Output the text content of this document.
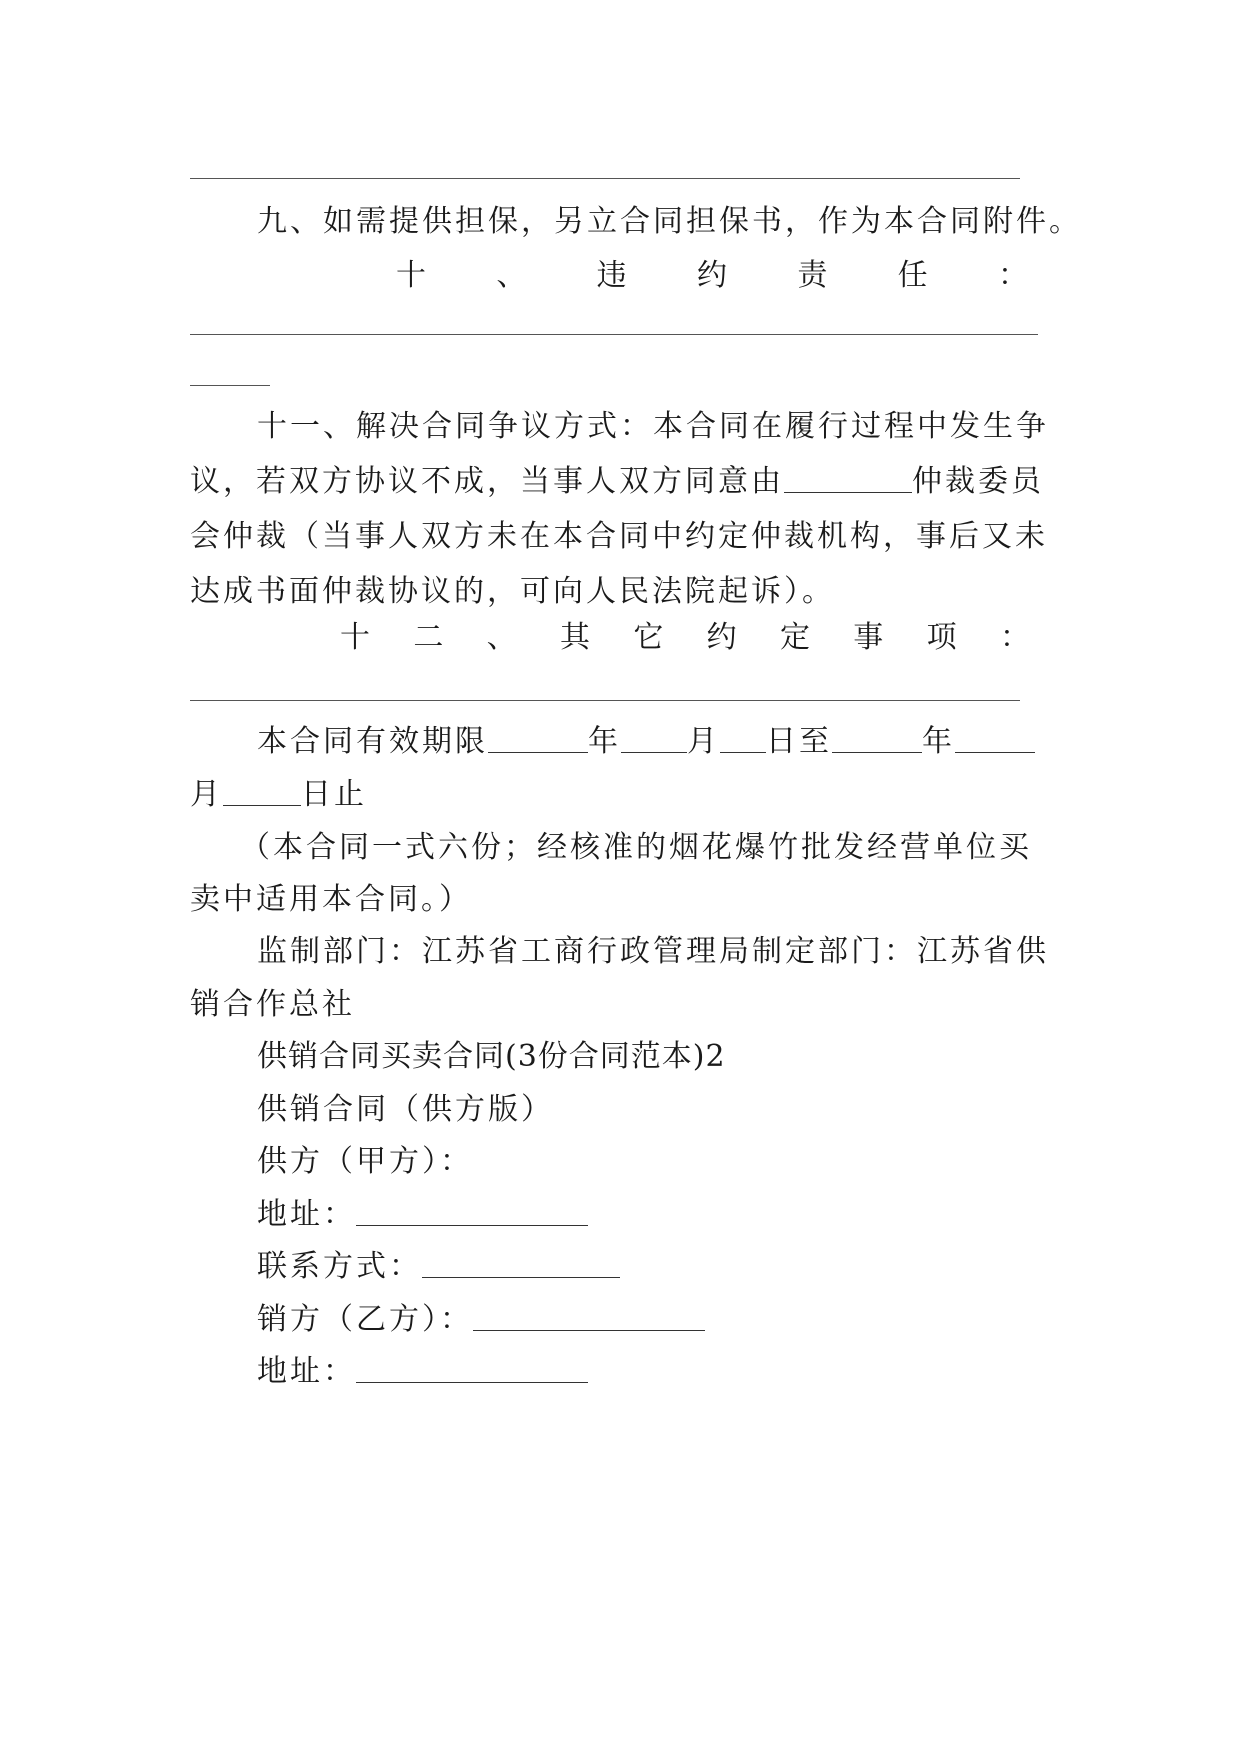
九、如需提供担保，另立合同担保书，作为本合同附件。
十 、 违 约 责 任 ：
十一、解决合同争议方式：本合同在履行过程中发生争
议，若双方协议不成，当事人双方同意由	仲裁委员
会仲裁（当事人双方未在本合同中约定仲裁机构，事后又未
达成书面仲裁协议的，可向人民法院起诉）。
十 二 、 其 它 约 定 事 项 ：
本合同有效期限	年 月 日至	年
月	日止
（本合同一式六份；经核准的烟花爆竹批发经营单位买
卖中适用本合同。）
监制部门：江苏省工商行政管理局制定部门：江苏省供
销合作总社
供销合同买卖合同(3份合同范本)2
供销合同（供方版）
供方（甲方）：
地址：
联系方式：
销方（乙方）：
地址：
